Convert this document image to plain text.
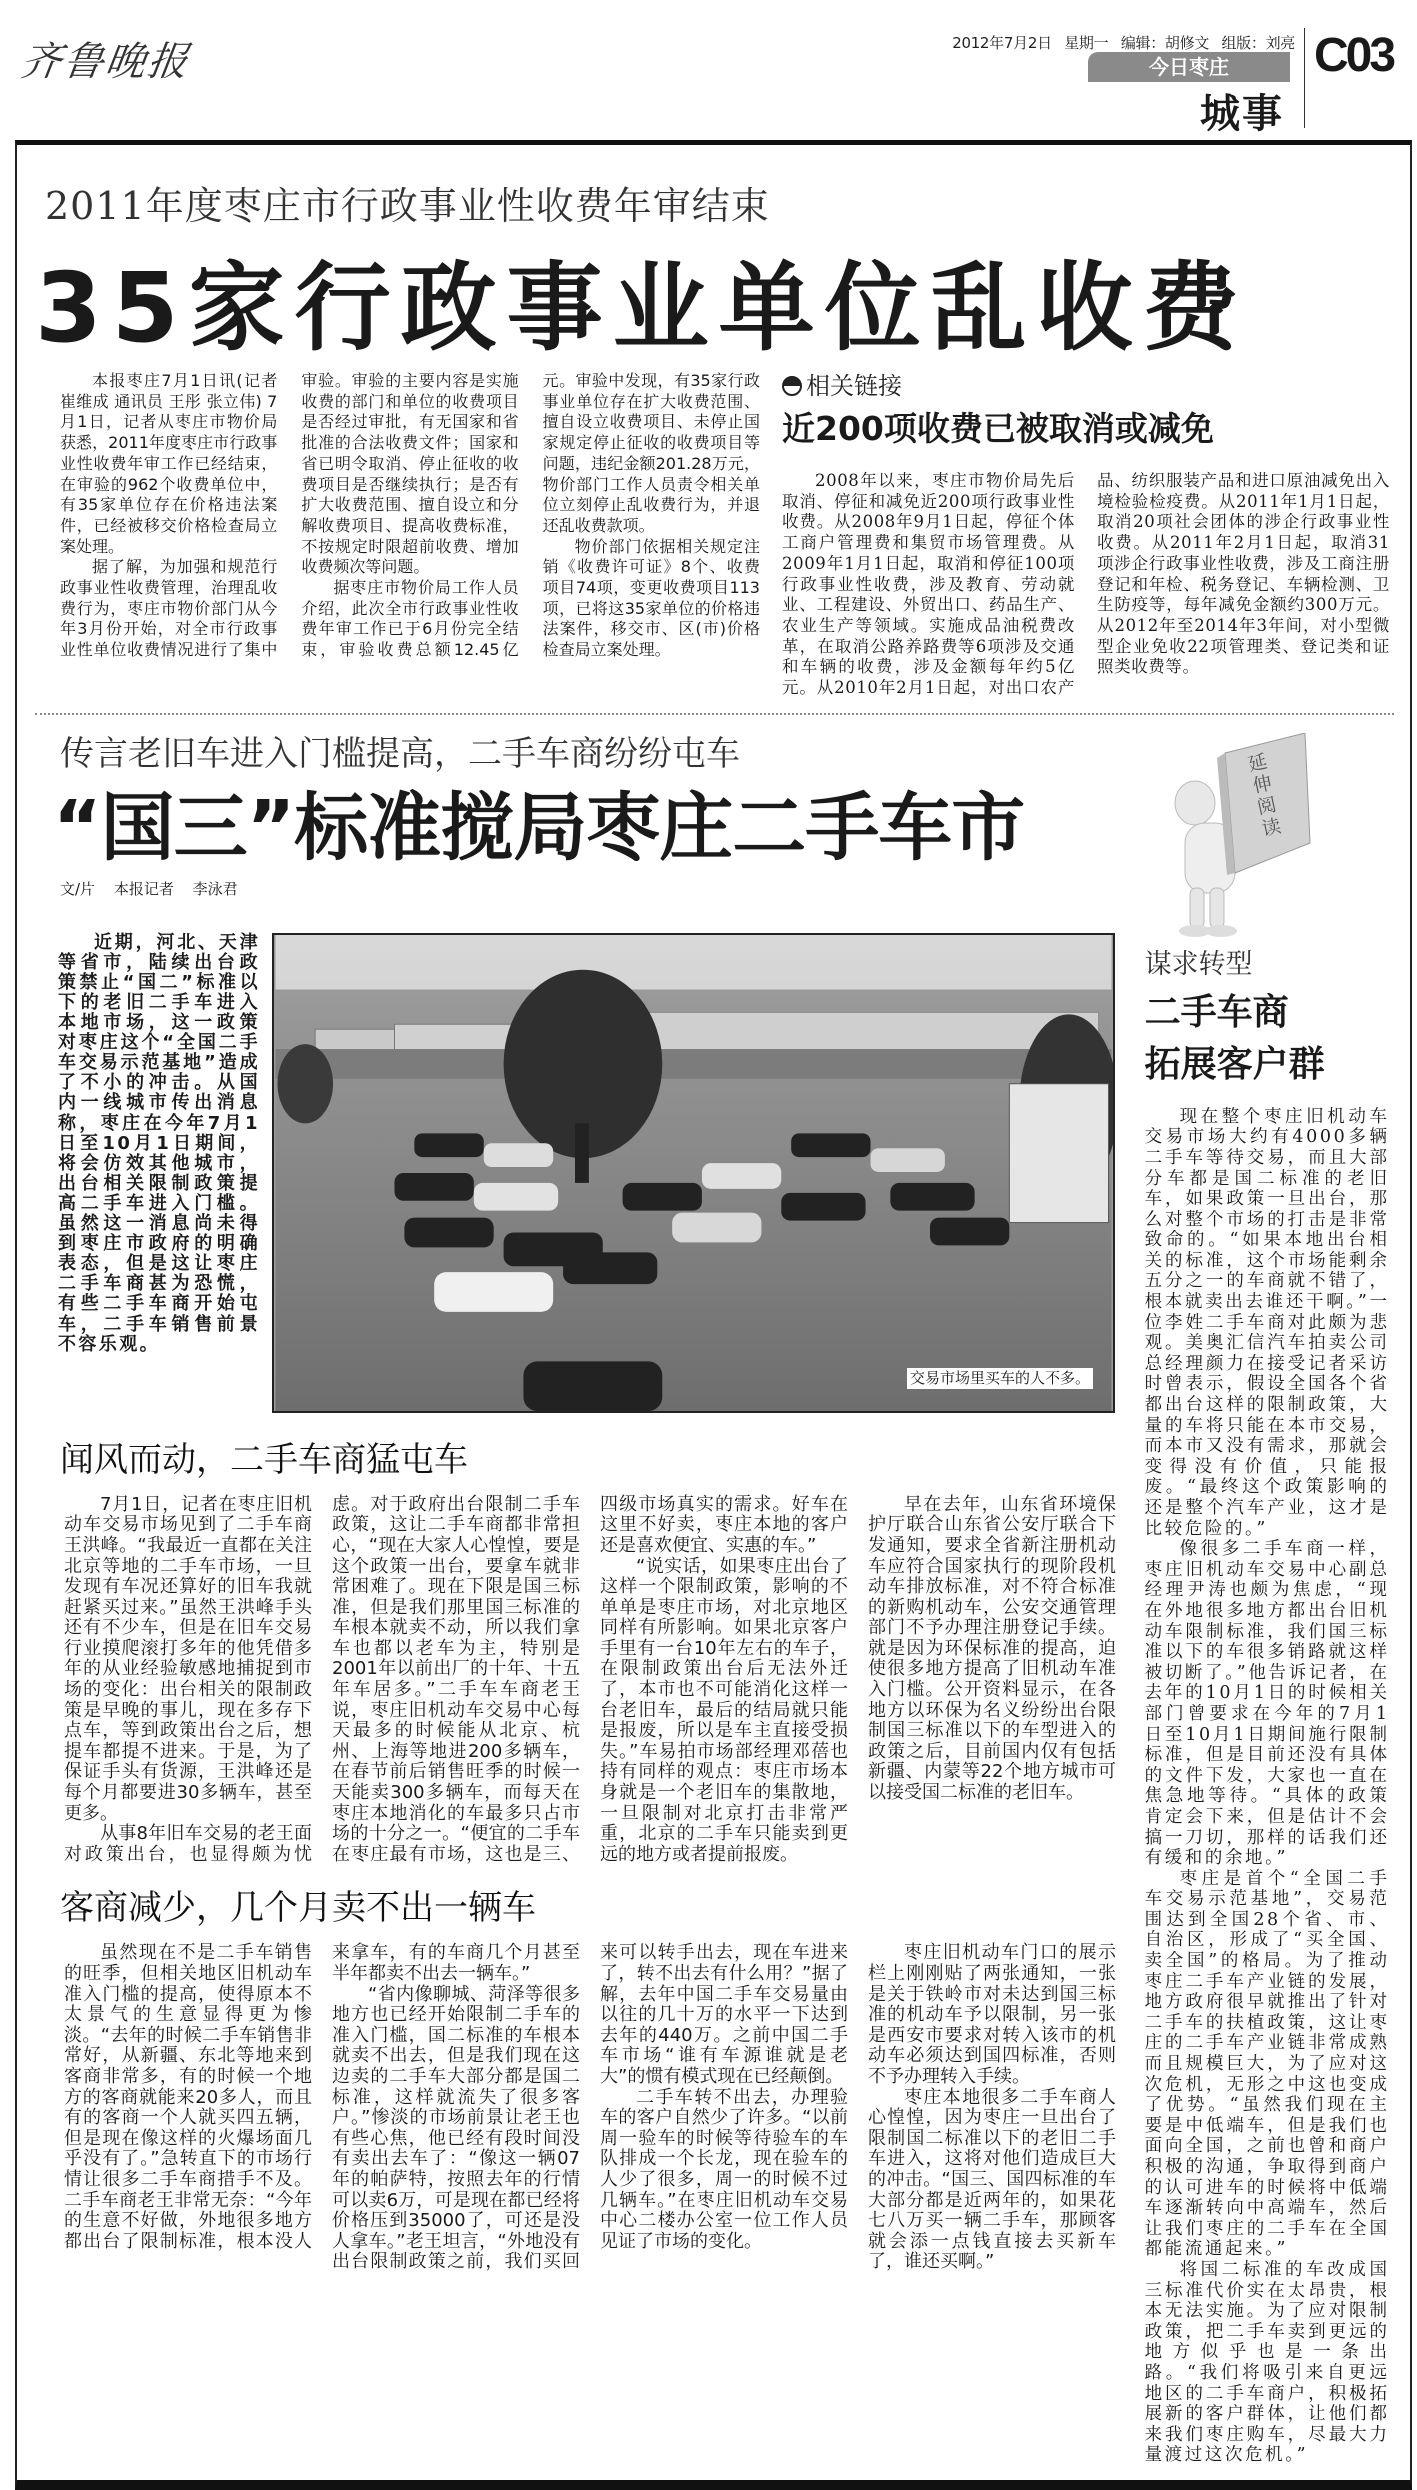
齐鲁晚报	2012年7月2日 星期一 编辑：胡修文 组版：刘亮
今日枣庄
城事
C03
2011年度枣庄市行政事业性收费年审结束
35家行政事业单位乱收费

本报枣庄7月1日讯(记者 崔维成 通讯员 王彤 张立伟) 7月1日，记者从枣庄市物价局获悉，2011年度枣庄市行政事业性收费年审工作已经结束，在审验的962个收费单位中，有35家单位存在价格违法案件，已经被移交价格检查局立案处理。

据了解，为加强和规范行政事业性收费管理，治理乱收费行为，枣庄市物价部门从今年3月份开始，对全市行政事业性单位收费情况进行了集中审验。审验的主要内容是实施收费的部门和单位的收费项目是否经过审批，有无国家和省批准的合法收费文件；国家和省已明令取消、停止征收的收费项目是否继续执行；是否有扩大收费范围、擅自设立和分解收费项目、提高收费标准，不按规定时限超前收费、增加收费频次等问题。

据枣庄市物价局工作人员介绍，此次全市行政事业性收费年审工作已于6月份完全结束，审验收费总额12.45亿元。审验中发现，有35家行政事业单位存在扩大收费范围、擅自设立收费项目、未停止国家规定停止征收的收费项目等问题，违纪金额201.28万元，物价部门工作人员责令相关单位立刻停止乱收费行为，并退还乱收费款项。

物价部门依据相关规定注销《收费许可证》8个、收费项目74项，变更收费项目113项，已将这35家单位的价格违法案件，移交市、区(市)价格检查局立案处理。

相关链接
近200项收费已被取消或减免

2008年以来，枣庄市物价局先后取消、停征和减免近200项行政事业性收费。从2008年9月1日起，停征个体工商户管理费和集贸市场管理费。从2009年1月1日起，取消和停征100项行政事业性收费，涉及教育、劳动就业、工程建设、外贸出口、药品生产、农业生产等领域。实施成品油税费改革，在取消公路养路费等6项涉及交通和车辆的收费，涉及金额每年约5亿元。从2010年2月1日起，对出口农产品、纺织服装产品和进口原油减免出入境检验检疫费。从2011年1月1日起，取消20项社会团体的涉企行政事业性收费。从2011年2月1日起，取消31项涉企行政事业性收费，涉及工商注册登记和年检、税务登记、车辆检测、卫生防疫等，每年减免金额约300万元。从2012年至2014年3年间，对小型微型企业免收22项管理类、登记类和证照类收费等。

传言老旧车进入门槛提高，二手车商纷纷屯车
“国三”标准搅局枣庄二手车市
文/片 本报记者 李泳君

近期，河北、天津等省市，陆续出台政策禁止“国二”标准以下的老旧二手车进入本地市场，这一政策对枣庄这个“全国二手车交易示范基地”造成了不小的冲击。从国内一线城市传出消息称，枣庄在今年7月1日至10月1日期间，将会仿效其他城市，出台相关限制政策提高二手车进入门槛。虽然这一消息尚未得到枣庄市政府的明确表态，但是这让枣庄二手车商甚为恐慌，有些二手车商开始屯车，二手车销售前景不容乐观。

交易市场里买车的人不多。
闻风而动，二手车商猛屯车

7月1日，记者在枣庄旧机动车交易市场见到了二手车商王洪峰。“我最近一直都在关注北京等地的二手车市场，一旦发现有车况还算好的旧车我就赶紧买过来。”虽然王洪峰手头还有不少车，但是在旧车交易行业摸爬滚打多年的他凭借多年的从业经验敏感地捕捉到市场的变化：出台相关的限制政策是早晚的事儿，现在多存下点车，等到政策出台之后，想提车都提不进来。于是，为了保证手头有货源，王洪峰还是每个月都要进30多辆车，甚至更多。

从事8年旧车交易的老王面对政策出台，也显得颇为忧虑。对于政府出台限制二手车政策，这让二手车商都非常担心，“现在大家人心惶惶，要是这个政策一出台，要拿车就非常困难了。现在下限是国三标准，但是我们那里国三标准的车根本就卖不动，所以我们拿车也都以老车为主，特别是2001年以前出厂的十年、十五年车居多。”二手车车商老王说，枣庄旧机动车交易中心每天最多的时候能从北京、杭州、上海等地进200多辆车，在春节前后销售旺季的时候一天能卖300多辆车，而每天在枣庄本地消化的车最多只占市场的十分之一。“便宜的二手车在枣庄最有市场，这也是三、四级市场真实的需求。好车在这里不好卖，枣庄本地的客户还是喜欢便宜、实惠的车。”

“说实话，如果枣庄出台了这样一个限制政策，影响的不单单是枣庄市场，对北京地区同样有所影响。如果北京客户手里有一台10年左右的车子，在限制政策出台后无法外迁了，本市也不可能消化这样一台老旧车，最后的结局就只能是报废，所以是车主直接受损失。”车易拍市场部经理邓蓓也持有同样的观点：枣庄市场本身就是一个老旧车的集散地，一旦限制对北京打击非常严重，北京的二手车只能卖到更远的地方或者提前报废。

早在去年，山东省环境保护厅联合山东省公安厅联合下发通知，要求全省新注册机动车应符合国家执行的现阶段机动车排放标准，对不符合标准的新购机动车，公安交通管理部门不予办理注册登记手续。就是因为环保标准的提高，迫使很多地方提高了旧机动车准入门槛。公开资料显示，在各地方以环保为名义纷纷出台限制国三标准以下的车型进入的政策之后，目前国内仅有包括新疆、内蒙等22个地方城市可以接受国二标准的老旧车。

客商减少，几个月卖不出一辆车

虽然现在不是二手车销售的旺季，但相关地区旧机动车准入门槛的提高，使得原本不太景气的生意显得更为惨淡。“去年的时候二手车销售非常好，从新疆、东北等地来到客商非常多，有的时候一个地方的客商就能来20多人，而且有的客商一个人就买四五辆，但是现在像这样的火爆场面几乎没有了。”急转直下的市场行情让很多二手车商措手不及。二手车商老王非常无奈：“今年的生意不好做，外地很多地方都出台了限制标准，根本没人来拿车，有的车商几个月甚至半年都卖不出去一辆车。”

“省内像聊城、菏泽等很多地方也已经开始限制二手车的准入门槛，国二标准的车根本就卖不出去，但是我们现在这边卖的二手车大部分都是国二标准，这样就流失了很多客户。”惨淡的市场前景让老王也有些心焦，他已经有段时间没有卖出去车了：“像这一辆07年的帕萨特，按照去年的行情可以卖6万，可是现在都已经将价格压到35000了，可还是没人拿车。”老王坦言，“外地没有出台限制政策之前，我们买回来可以转手出去，现在车进来了，转不出去有什么用？”据了解，去年中国二手车交易量由以往的几十万的水平一下达到去年的440万。之前中国二手车市场“谁有车源谁就是老大”的惯有模式现在已经颠倒。

二手车转不出去，办理验车的客户自然少了许多。“以前周一验车的时候等待验车的车队排成一个长龙，现在验车的人少了很多，周一的时候不过几辆车。”在枣庄旧机动车交易中心二楼办公室一位工作人员见证了市场的变化。

枣庄旧机动车门口的展示栏上刚刚贴了两张通知，一张是关于铁岭市对未达到国三标准的机动车予以限制，另一张是西安市要求对转入该市的机动车必须达到国四标准，否则不予办理转入手续。

枣庄本地很多二手车商人心惶惶，因为枣庄一旦出台了限制国二标准以下的老旧二手车进入，这将对他们造成巨大的冲击。“国三、国四标准的车大部分都是近两年的，如果花七八万买一辆二手车，那顾客就会添一点钱直接去买新车了，谁还买啊。”

延伸阅读
谋求转型
二手车商
拓展客户群

现在整个枣庄旧机动车交易市场大约有4000多辆二手车等待交易，而且大部分车都是国二标准的老旧车，如果政策一旦出台，那么对整个市场的打击是非常致命的。“如果本地出台相关的标准，这个市场能剩余五分之一的车商就不错了，根本就卖出去谁还干啊。”一位李姓二手车商对此颇为悲观。美奥汇信汽车拍卖公司总经理颜力在接受记者采访时曾表示，假设全国各个省都出台这样的限制政策，大量的车将只能在本市交易，而本市又没有需求，那就会变得没有价值，只能报废。“最终这个政策影响的还是整个汽车产业，这才是比较危险的。”

像很多二手车商一样，枣庄旧机动车交易中心副总经理尹涛也颇为焦虑，“现在外地很多地方都出台旧机动车限制标准，我们国三标准以下的车很多销路就这样被切断了。”他告诉记者，在去年的10月1日的时候相关部门曾要求在今年的7月1日至10月1日期间施行限制标准，但是目前还没有具体的文件下发，大家也一直在焦急地等待。“具体的政策肯定会下来，但是估计不会搞一刀切，那样的话我们还有缓和的余地。”

枣庄是首个“全国二手车交易示范基地”，交易范围达到全国28个省、市、自治区，形成了“买全国、卖全国”的格局。为了推动枣庄二手车产业链的发展，地方政府很早就推出了针对二手车的扶植政策，这让枣庄的二手车产业链非常成熟而且规模巨大，为了应对这次危机，无形之中这也变成了优势。“虽然我们现在主要是中低端车，但是我们也面向全国，之前也曾和商户积极的沟通，争取得到商户的认可进车的时候将中低端车逐渐转向中高端车，然后让我们枣庄的二手车在全国都能流通起来。”

将国二标准的车改成国三标准代价实在太昂贵，根本无法实施。为了应对限制政策，把二手车卖到更远的地方似乎也是一条出路。“我们将吸引来自更远地区的二手车商户，积极拓展新的客户群体，让他们都来我们枣庄购车，尽最大力量渡过这次危机。”
